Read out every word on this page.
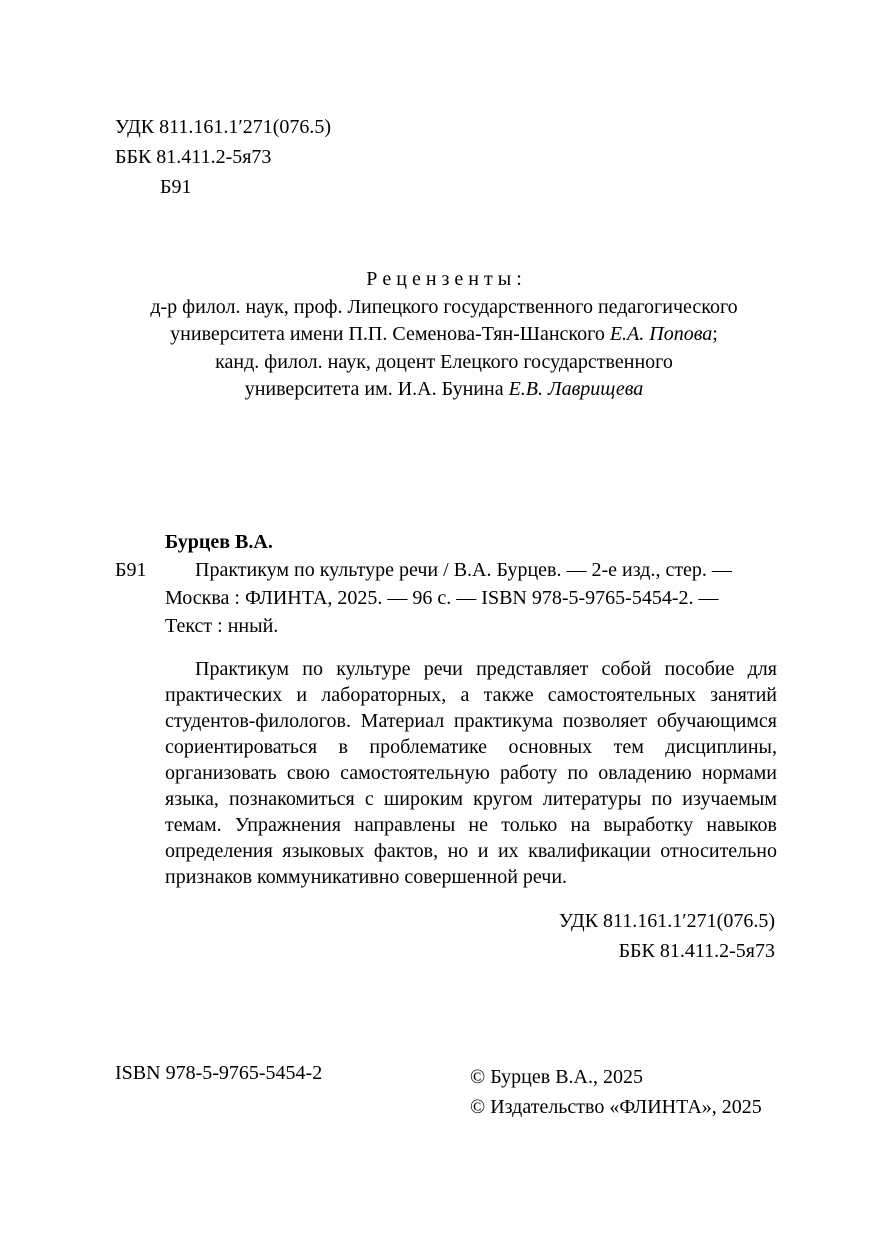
УДК 811.161.1′271(076.5)
ББК 81.411.2-5я73
Б91
Р е ц е н з е н т ы :
д-р филол. наук, проф. Липецкого государственного педагогического
университета имени П.П. Семенова-Тян-Шанского Е.А. Попова;
канд. филол. наук, доцент Елецкого государственного
университета им. И.А. Бунина Е.В. Лаврищева
Бурцев В.А.
Б91	Практикум по культуре речи / В.А. Бурцев. — 2-е изд., стер. —
Москва : ФЛИНТА, 2025. — 96 с. — ISBN 978-5-9765-5454-2. —
Текст : нный.
Практикум по культуре речи представляет собой пособие для практических и лабораторных, а также самостоятельных занятий студентов-филологов. Материал практикума позволяет обучающимся сориентироваться в проблематике основных тем дисциплины, организовать свою самостоятельную работу по овладению нормами языка, познакомиться с широким кругом литературы по изучаемым темам. Упражнения направлены не только на выработку навыков определения языковых фактов, но и их квалификации относительно признаков коммуникативно совершенной речи.
УДК 811.161.1′271(076.5)
ББК 81.411.2-5я73
ISBN 978-5-9765-5454-2	© Бурцев В.А., 2025
© Издательство «ФЛИНТА», 2025
